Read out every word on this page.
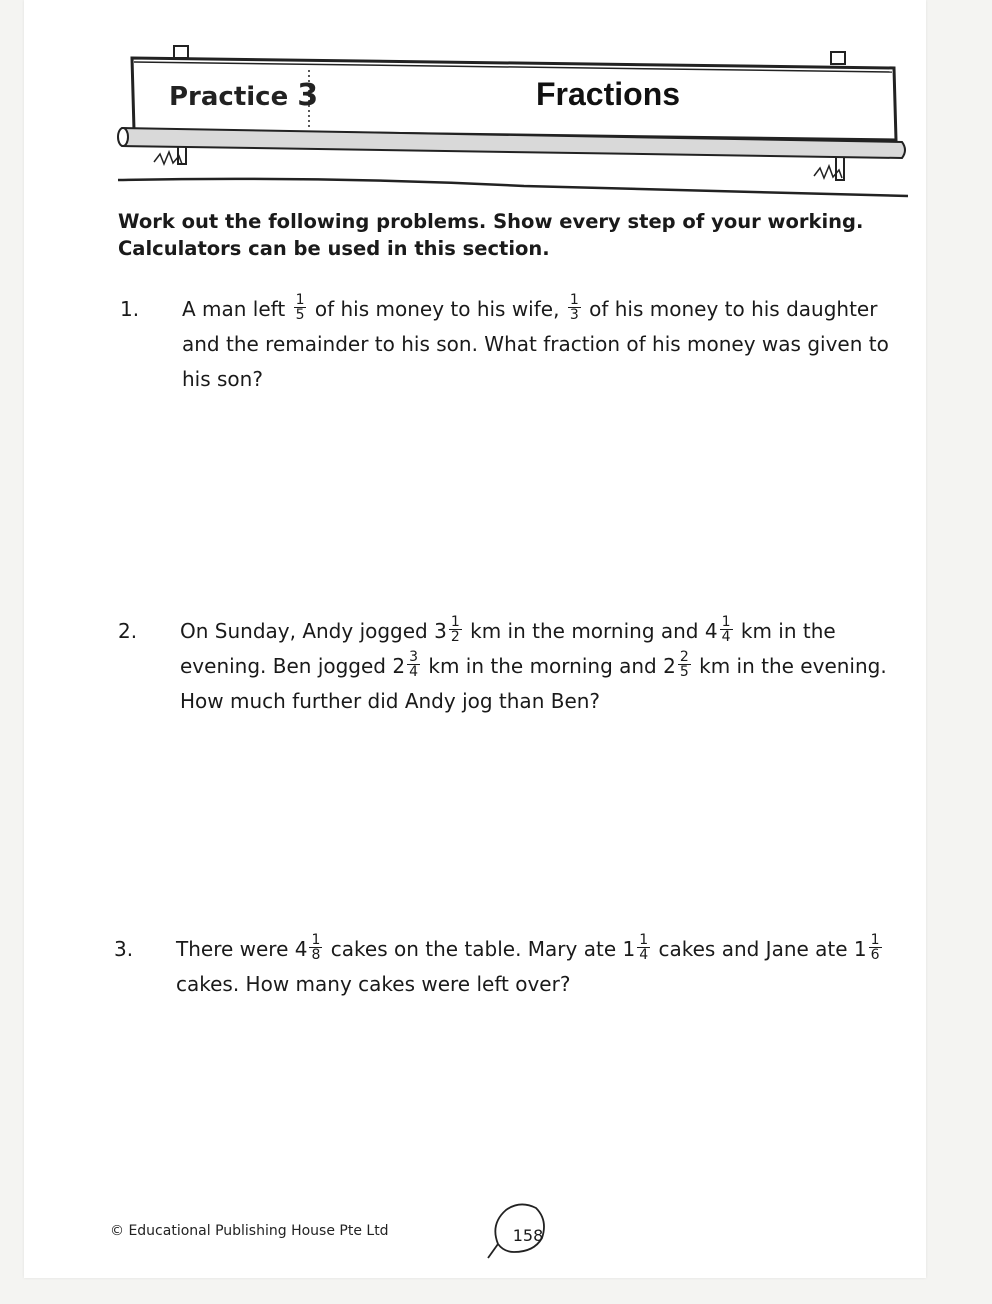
Practice 3	Fractions
Work out the following problems. Show every step of your working. Calculators can be used in this section.
1. A man left $\frac{1}{5}$ of his money to his wife, $\frac{1}{3}$ of his money to his daughter and the remainder to his son. What fraction of his money was given to his son?
2. On Sunday, Andy jogged $3 \frac{1}{2}$ km in the morning and $4 \frac{1}{4}$ km in the evening. Ben jogged $2 \frac{3}{4}$ km in the morning and $2 \frac{2}{5}$ km in the evening. How much further did Andy jog than Ben?
3. There were $4 \frac{1}{8}$ cakes on the table. Mary ate $1 \frac{1}{4}$ cakes and Jane ate $1 \frac{1}{6}$
cakes. How many cakes were left over?
© Educational Publishing House Pte Ltd	158
